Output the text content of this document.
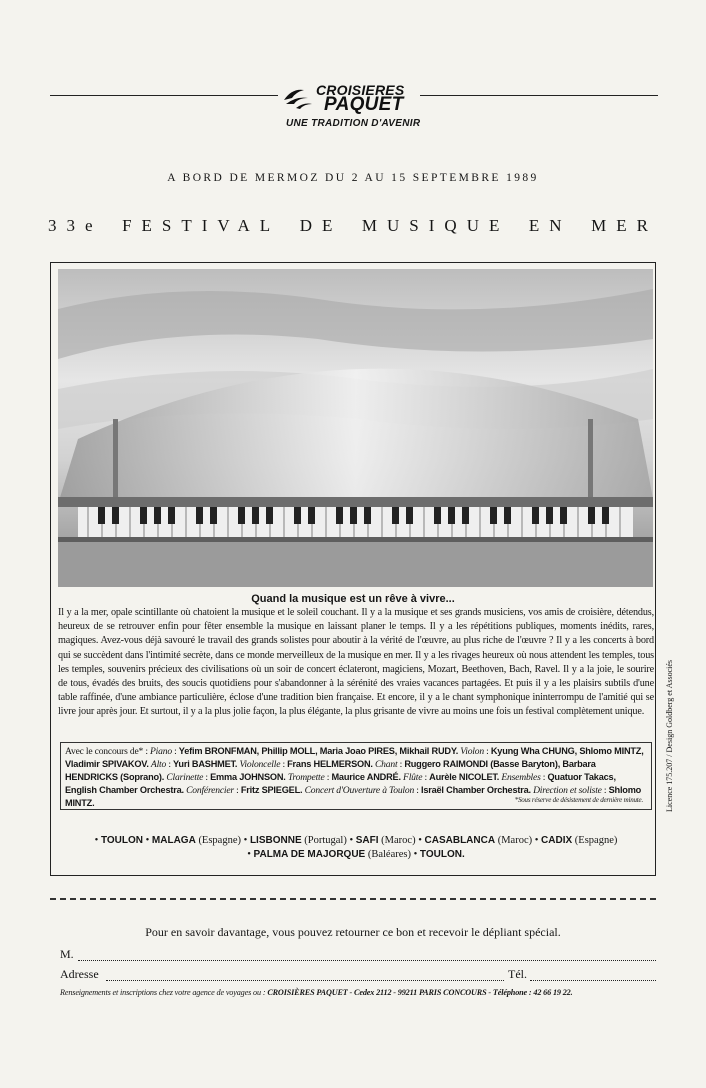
CROISIERES
PAQUET
UNE TRADITION D'AVENIR
A BORD DE MERMOZ DU 2 AU 15 SEPTEMBRE 1989
33e FESTIVAL DE MUSIQUE EN MER
Quand la musique est un rêve à vivre...
Il y a la mer, opale scintillante où chatoient la musique et le soleil couchant. Il y a la musique et ses grands musiciens, vos amis de croisière, détendus, heureux de se retrouver enfin pour fêter ensemble la musique en laissant planer le temps. Il y a les répétitions publiques, moments inédits, rares, magiques. Avez-vous déjà savouré le travail des grands solistes pour aboutir à la vérité de l'œuvre, au plus riche de l'œuvre ? Il y a les concerts à bord qui se succèdent dans l'intimité secrète, dans ce monde merveilleux de la musique en mer. Il y a les rivages heureux où nous attendent les temples, tous les temples, souvenirs précieux des civilisations où un soir de concert éclateront, magiciens, Mozart, Beethoven, Bach, Ravel. Il y a la joie, le sourire de tous, évadés des bruits, des soucis quotidiens pour s'abandonner à la sérénité des vraies vacances partagées. Et puis il y a les plaisirs subtils d'une table raffinée, d'une ambiance particulière, éclose d'une tradition bien française. Et encore, il y a le chant symphonique ininterrompu de l'amitié qui se livre jour après jour. Et surtout, il y a la plus jolie façon, la plus élégante, la plus grisante de vivre au moins une fois un festival complètement unique.
Avec le concours de* : Piano : Yefim BRONFMAN, Phillip MOLL, Maria Joao PIRES, Mikhail RUDY. Violon : Kyung Wha CHUNG, Shlomo MINTZ, Vladimir SPIVAKOV. Alto : Yuri BASHMET. Violoncelle : Frans HELMERSON. Chant : Ruggero RAIMONDI (Basse Baryton), Barbara HENDRICKS (Soprano). Clarinette : Emma JOHNSON. Trompette : Maurice ANDRÉ. Flûte : Aurèle NICOLET. Ensembles : Quatuor Takacs, English Chamber Orchestra. Conférencier : Fritz SPIEGEL. Concert d'Ouverture à Toulon : Israël Chamber Orchestra. Direction et soliste : Shlomo MINTZ.	*Sous réserve de désistement de dernière minute.	Licence 175.207 / Design Goldberg et Associés
• TOULON • MALAGA (Espagne) • LISBONNE (Portugal) • SAFI (Maroc) • CASABLANCA (Maroc) • CADIX (Espagne)
• PALMA DE MAJORQUE (Baléares) • TOULON.
Pour en savoir davantage, vous pouvez retourner ce bon et recevoir le dépliant spécial.
M.
Adresse	Tél.
Renseignements et inscriptions chez votre agence de voyages ou : CROISIÈRES PAQUET - Cedex 2112 - 99211 PARIS CONCOURS - Téléphone : 42 66 19 22.
